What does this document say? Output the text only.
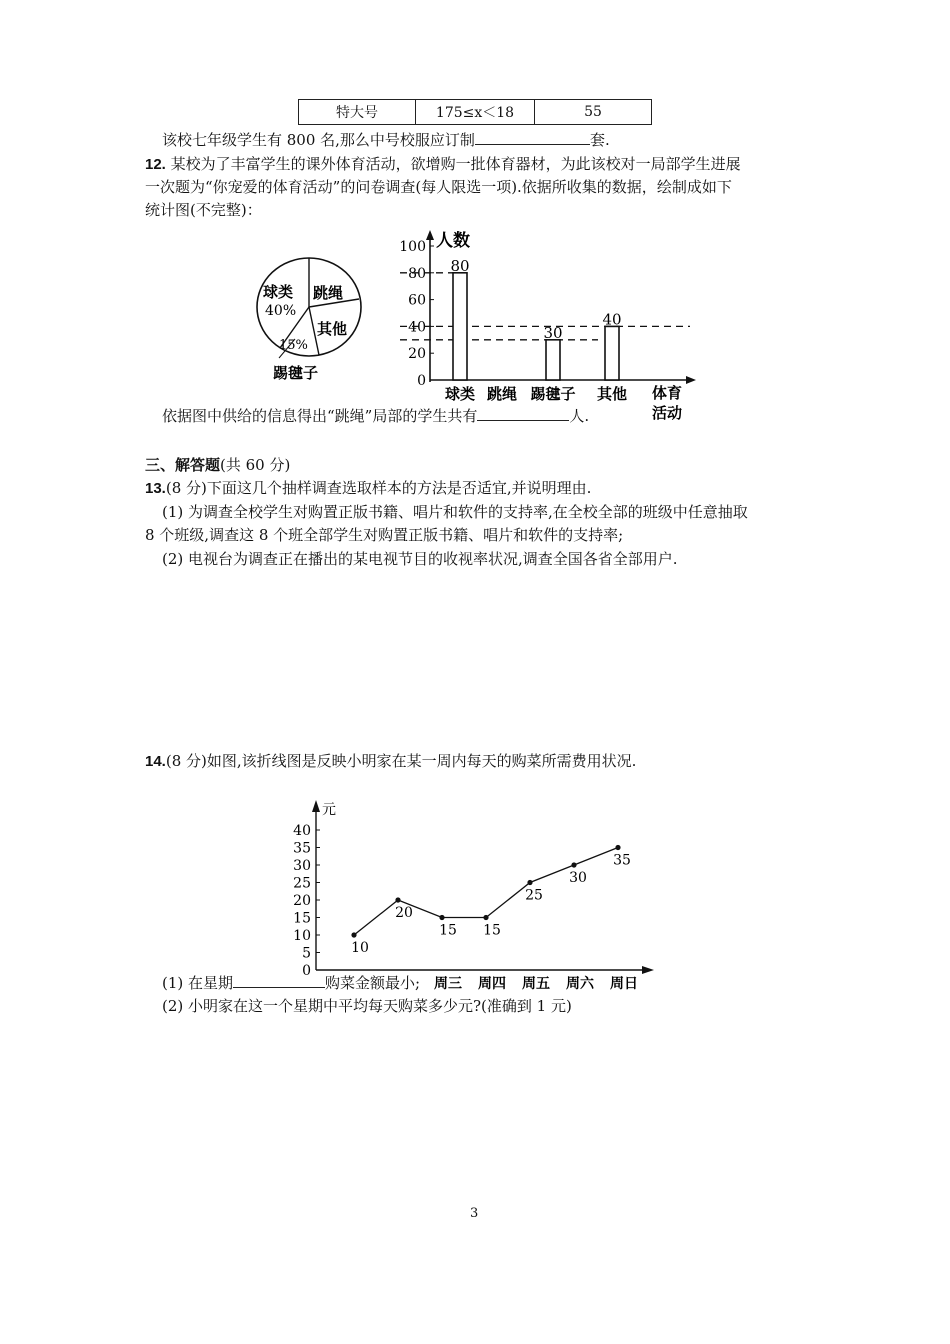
特大号	175≤x＜18	55
该校七年级学生有 800 名,那么中号校服应订制	套.
12. 某校为了丰富学生的课外体育活动，欲增购一批体育器材，为此该校对一局部学生进展
一次题为“你宠爱的体育活动”的问卷调查(每人限选一项).依据所收集的数据，绘制成如下
统计图(不完整)：
球类
40%
跳绳
其他
15%
踢毽子
人数
0
20
40
60
80
100
80
球类 跳绳
30
踢毽子
40
其他 体育
活动
依据图中供给的信息得出“跳绳”局部的学生共有	人.
三、解答题(共 60 分)
13.(8 分)下面这几个抽样调查选取样本的方法是否适宜,并说明理由.
(1) 为调查全校学生对购置正版书籍、唱片和软件的支持率,在全校全部的班级中任意抽取
8 个班级,调查这 8 个班全部学生对购置正版书籍、唱片和软件的支持率;
(2) 电视台为调查正在播出的某电视节目的收视率状况,调查全国各省全部用户.
14.(8 分)如图,该折线图是反映小明家在某一周内每天的购菜所需费用状况.
元
0
5
10
15
20
25
30
35
40
10
20
15 15
25
30
35
周三 周四 周五 周六 周日
(1) 在星期	购菜金额最小;
(2) 小明家在这一个星期中平均每天购菜多少元?(准确到 1 元)
3
